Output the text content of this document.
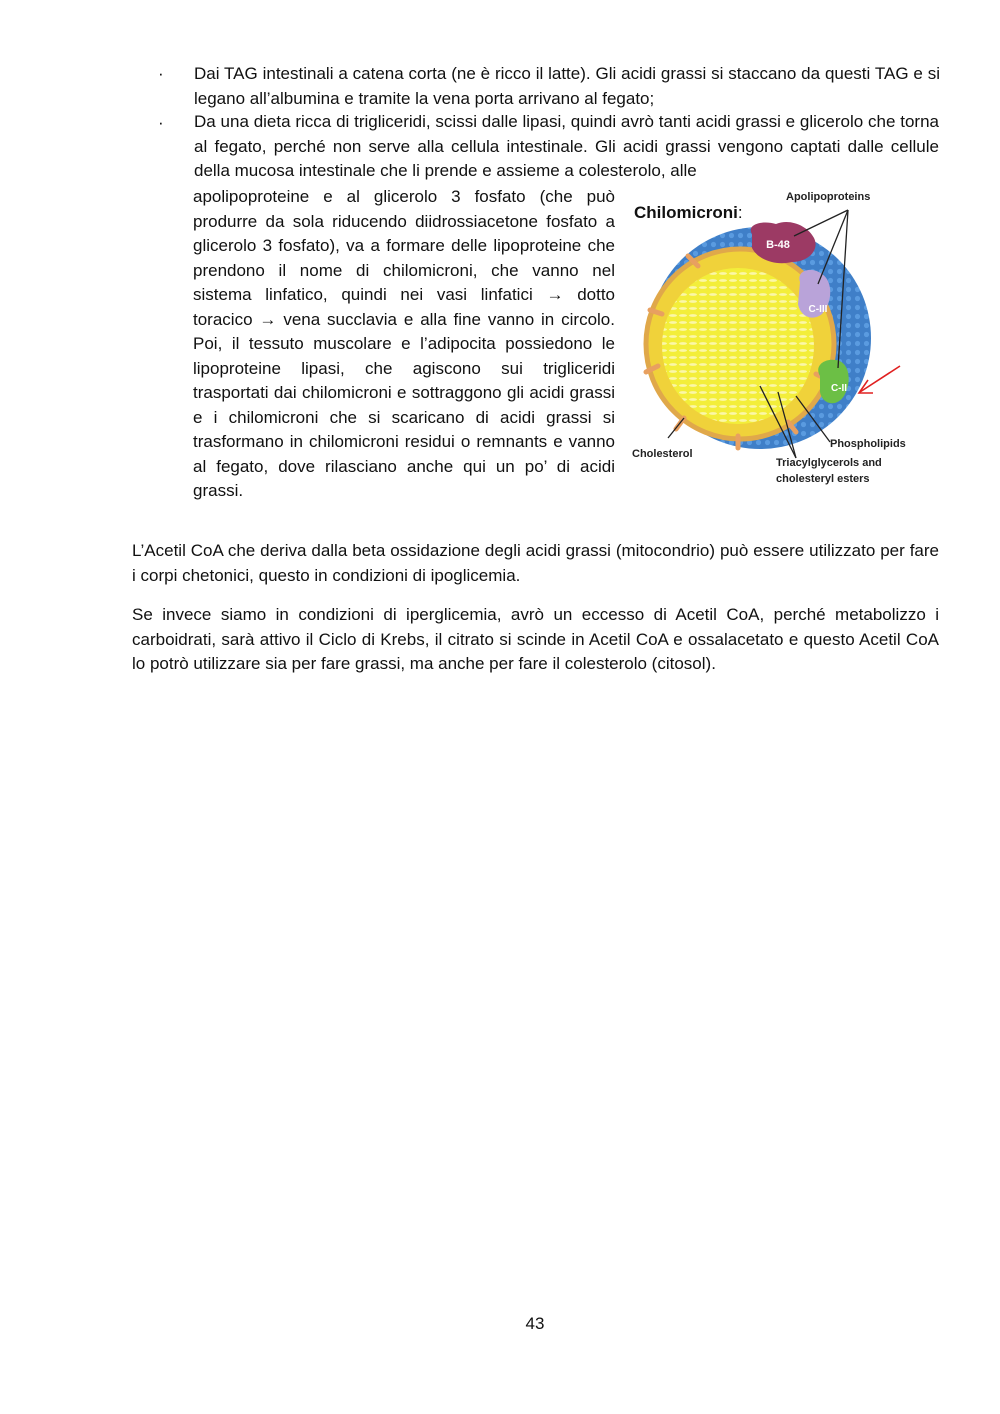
·	Dai TAG intestinali a catena corta (ne è ricco il latte). Gli acidi grassi si staccano da questi TAG e si legano all’albumina e tramite la vena porta arrivano al fegato;
·	Da una dieta ricca di trigliceridi, scissi dalle lipasi, quindi avrò tanti acidi grassi e glicerolo che torna al fegato, perché non serve alla cellula intestinale. Gli acidi grassi vengono captati dalle cellule della mucosa intestinale che li prende e assieme a colesterolo, alle
apolipoproteine e al glicerolo 3 fosfato (che può produrre da sola riducendo diidrossiacetone fosfato a glicerolo 3 fosfato), va a formare delle lipoproteine che prendono il nome di chilomicroni, che vanno nel sistema linfatico, quindi nei vasi linfatici → dotto toracico → vena succlavia e alla fine vanno in circolo. Poi, il tessuto muscolare e l’adipocita possiedono le lipoproteine lipasi, che agiscono sui trigliceridi trasportati dai chilomicroni e sottraggono gli acidi grassi e i chilomicroni che si scaricano di acidi grassi si trasformano in chilomicroni residui o remnants e vanno al fegato, dove rilasciano anche qui un po’ di acidi grassi.
Apolipoproteins
B-48
C-III
C-II
Cholesterol
Phospholipids
Triacylglycerols and
cholesteryl esters
Chilomicroni:
L’Acetil CoA che deriva dalla beta ossidazione degli acidi grassi (mitocondrio) può essere utilizzato per fare i corpi chetonici, questo in condizioni di ipoglicemia.
Se invece siamo in condizioni di iperglicemia, avrò un eccesso di Acetil CoA, perché metabolizzo i carboidrati, sarà attivo il Ciclo di Krebs, il citrato si scinde in Acetil CoA e ossalacetato e questo Acetil CoA lo potrò utilizzare sia per fare grassi, ma anche per fare il colesterolo (citosol).
43
